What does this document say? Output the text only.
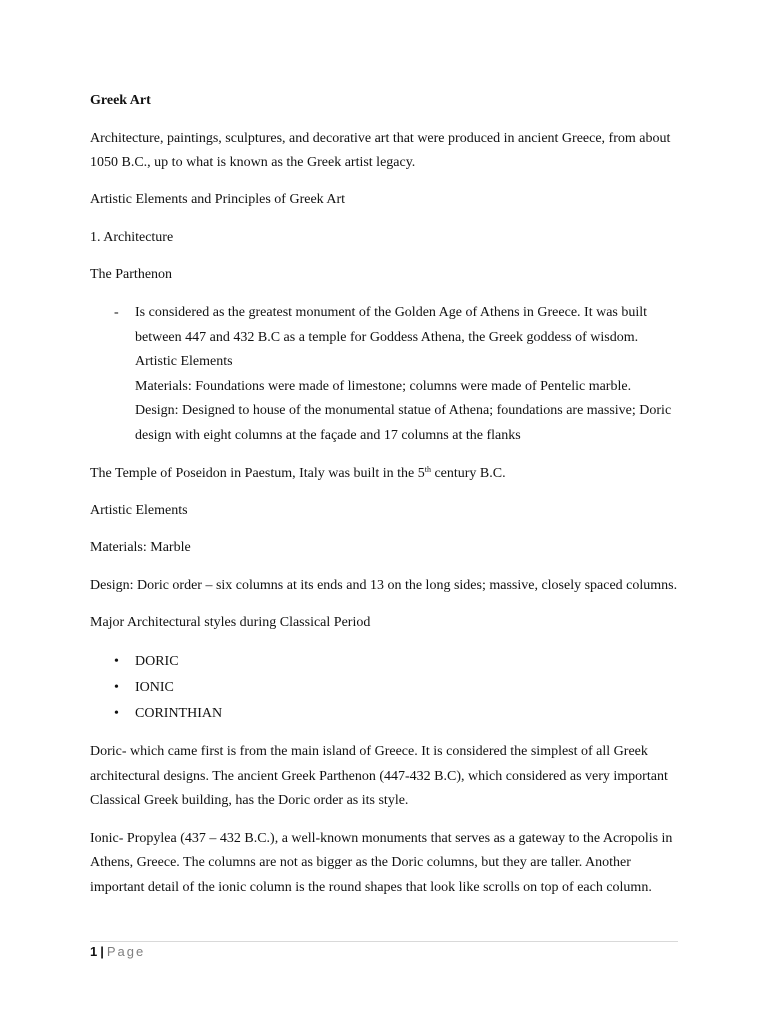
Greek Art
Architecture, paintings, sculptures, and decorative art that were produced in ancient Greece, from about
1050 B.C., up to what is known as the Greek artist legacy.
Artistic Elements and Principles of Greek Art
1. Architecture
The Parthenon
- Is considered as the greatest monument of the Golden Age of Athens in Greece. It was built
between 447 and 432 B.C as a temple for Goddess Athena, the Greek goddess of wisdom.
Artistic Elements
Materials: Foundations were made of limestone; columns were made of Pentelic marble.
Design: Designed to house of the monumental statue of Athena; foundations are massive; Doric
design with eight columns at the façade and 17 columns at the flanks
The Temple of Poseidon in Paestum, Italy was built in the 5th century B.C.
Artistic Elements
Materials: Marble
Design: Doric order – six columns at its ends and 13 on the long sides; massive, closely spaced columns.
Major Architectural styles during Classical Period
• DORIC
• IONIC
• CORINTHIAN
Doric- which came first is from the main island of Greece. It is considered the simplest of all Greek
architectural designs. The ancient Greek Parthenon (447-432 B.C), which considered as very important
Classical Greek building, has the Doric order as its style.
Ionic- Propylea (437 – 432 B.C.), a well-known monuments that serves as a gateway to the Acropolis in
Athens, Greece. The columns are not as bigger as the Doric columns, but they are taller. Another
important detail of the ionic column is the round shapes that look like scrolls on top of each column.
1 | Page
